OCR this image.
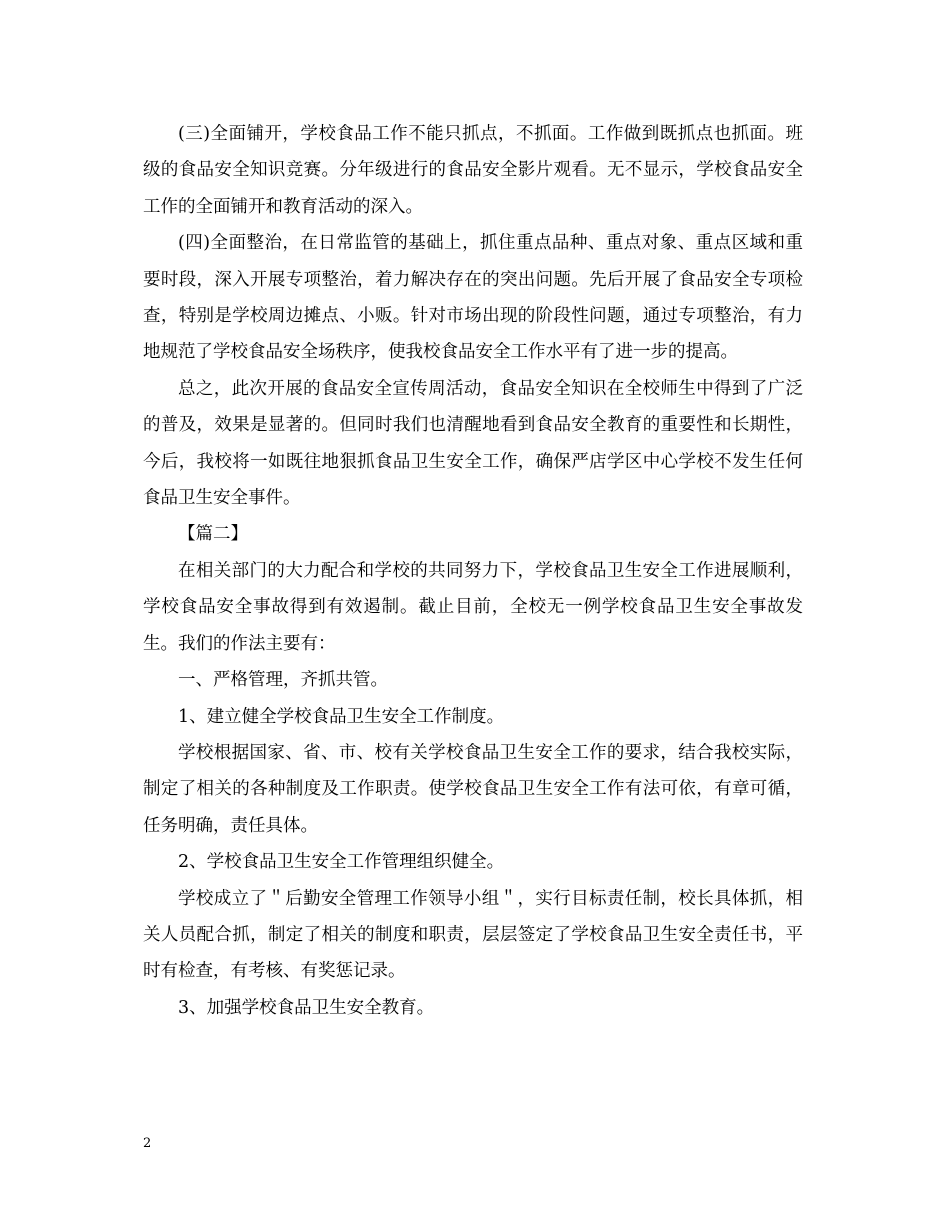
(三)全面铺开，学校食品工作不能只抓点，不抓面。工作做到既抓点也抓面。班级的食品安全知识竞赛。分年级进行的食品安全影片观看。无不显示，学校食品安全工作的全面铺开和教育活动的深入。

(四)全面整治，在日常监管的基础上，抓住重点品种、重点对象、重点区域和重要时段，深入开展专项整治，着力解决存在的突出问题。先后开展了食品安全专项检查，特别是学校周边摊点、小贩。针对市场出现的阶段性问题，通过专项整治，有力地规范了学校食品安全场秩序，使我校食品安全工作水平有了进一步的提高。

总之，此次开展的食品安全宣传周活动，食品安全知识在全校师生中得到了广泛的普及，效果是显著的。但同时我们也清醒地看到食品安全教育的重要性和长期性，今后，我校将一如既往地狠抓食品卫生安全工作，确保严店学区中心学校不发生任何食品卫生安全事件。

【篇二】

在相关部门的大力配合和学校的共同努力下，学校食品卫生安全工作进展顺利，学校食品安全事故得到有效遏制。截止目前，全校无一例学校食品卫生安全事故发生。我们的作法主要有：

一、严格管理，齐抓共管。

1、建立健全学校食品卫生安全工作制度。

学校根据国家、省、市、校有关学校食品卫生安全工作的要求，结合我校实际，制定了相关的各种制度及工作职责。使学校食品卫生安全工作有法可依，有章可循，任务明确，责任具体。

2、学校食品卫生安全工作管理组织健全。

学校成立了＂后勤安全管理工作领导小组＂，实行目标责任制，校长具体抓，相关人员配合抓，制定了相关的制度和职责，层层签定了学校食品卫生安全责任书，平时有检查，有考核、有奖惩记录。

3、加强学校食品卫生安全教育。

2
